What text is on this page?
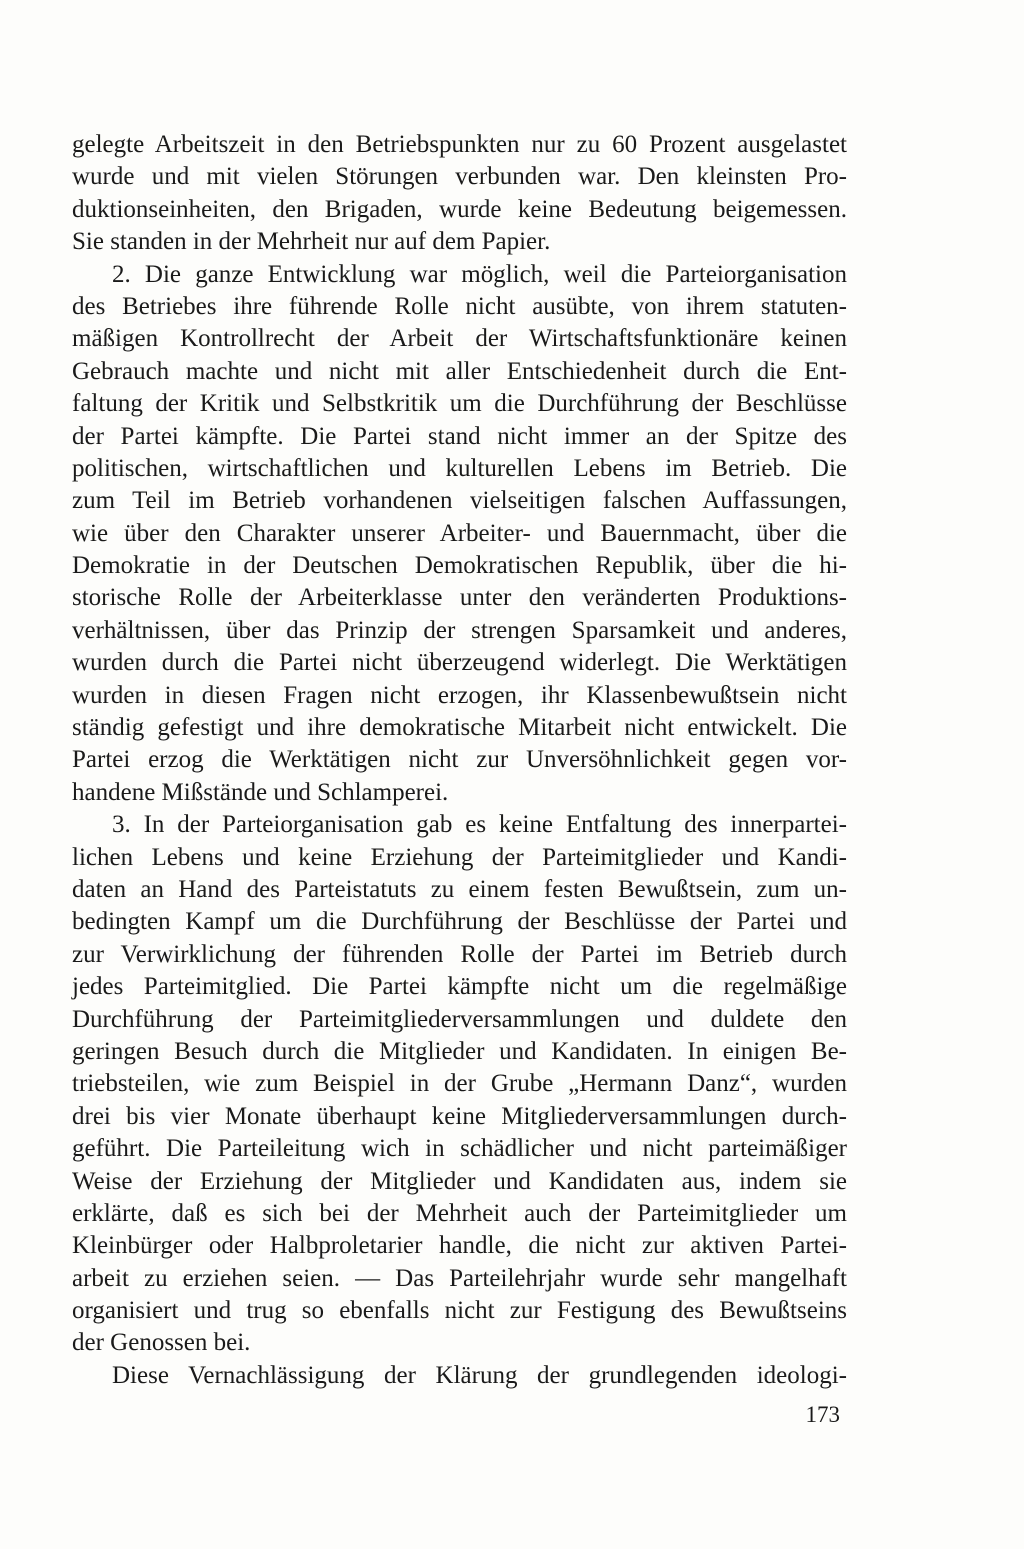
gelegte Arbeitszeit in den Betriebspunkten nur zu 60 Prozent ausgelastet
wurde und mit vielen Störungen verbunden war. Den kleinsten Pro-
duktionseinheiten, den Brigaden, wurde keine Bedeutung beigemessen.
Sie standen in der Mehrheit nur auf dem Papier.
2. Die ganze Entwicklung war möglich, weil die Parteiorganisation
des Betriebes ihre führende Rolle nicht ausübte, von ihrem statuten-
mäßigen Kontrollrecht der Arbeit der Wirtschaftsfunktionäre keinen
Gebrauch machte und nicht mit aller Entschiedenheit durch die Ent-
faltung der Kritik und Selbstkritik um die Durchführung der Beschlüsse
der Partei kämpfte. Die Partei stand nicht immer an der Spitze des
politischen, wirtschaftlichen und kulturellen Lebens im Betrieb. Die
zum Teil im Betrieb vorhandenen vielseitigen falschen Auffassungen,
wie über den Charakter unserer Arbeiter- und Bauernmacht, über die
Demokratie in der Deutschen Demokratischen Republik, über die hi-
storische Rolle der Arbeiterklasse unter den veränderten Produktions-
verhältnissen, über das Prinzip der strengen Sparsamkeit und anderes,
wurden durch die Partei nicht überzeugend widerlegt. Die Werktätigen
wurden in diesen Fragen nicht erzogen, ihr Klassenbewußtsein nicht
ständig gefestigt und ihre demokratische Mitarbeit nicht entwickelt. Die
Partei erzog die Werktätigen nicht zur Unversöhnlichkeit gegen vor-
handene Mißstände und Schlamperei.
3. In der Parteiorganisation gab es keine Entfaltung des innerpartei-
lichen Lebens und keine Erziehung der Parteimitglieder und Kandi-
daten an Hand des Parteistatuts zu einem festen Bewußtsein, zum un-
bedingten Kampf um die Durchführung der Beschlüsse der Partei und
zur Verwirklichung der führenden Rolle der Partei im Betrieb durch
jedes Parteimitglied. Die Partei kämpfte nicht um die regelmäßige
Durchführung der Parteimitgliederversammlungen und duldete den
geringen Besuch durch die Mitglieder und Kandidaten. In einigen Be-
triebsteilen, wie zum Beispiel in der Grube „Hermann Danz“, wurden
drei bis vier Monate überhaupt keine Mitgliederversammlungen durch-
geführt. Die Parteileitung wich in schädlicher und nicht parteimäßiger
Weise der Erziehung der Mitglieder und Kandidaten aus, indem sie
erklärte, daß es sich bei der Mehrheit auch der Parteimitglieder um
Kleinbürger oder Halbproletarier handle, die nicht zur aktiven Partei-
arbeit zu erziehen seien. — Das Parteilehrjahr wurde sehr mangelhaft
organisiert und trug so ebenfalls nicht zur Festigung des Bewußtseins
der Genossen bei.
Diese Vernachlässigung der Klärung der grundlegenden ideologi-
173
